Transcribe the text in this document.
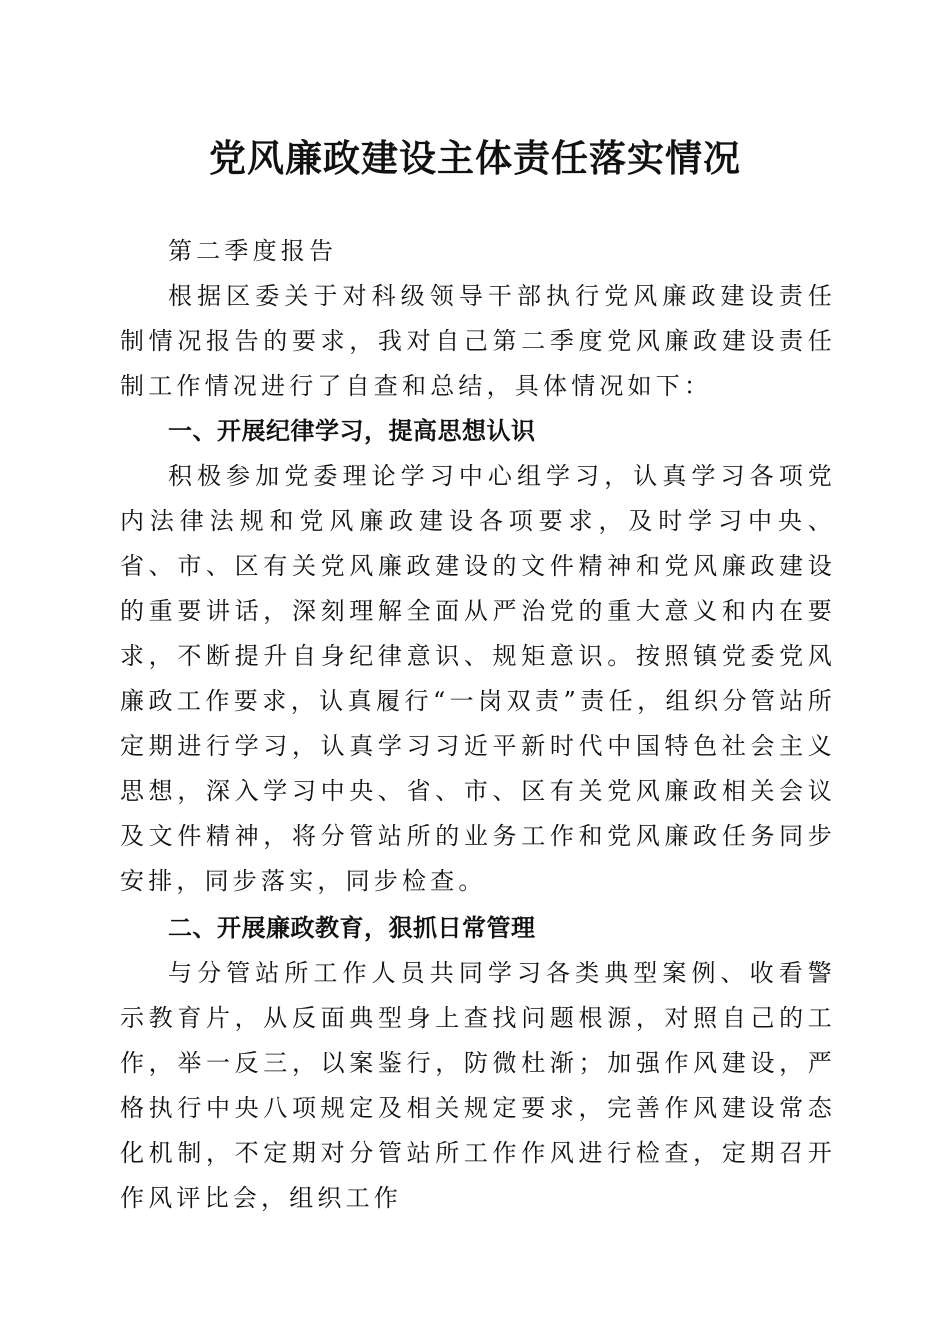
党风廉政建设主体责任落实情况

第二季度报告

根据区委关于对科级领导干部执行党风廉政建设责任制情况报告的要求，我对自己第二季度党风廉政建设责任制工作情况进行了自查和总结，具体情况如下：

一、开展纪律学习，提高思想认识

积极参加党委理论学习中心组学习，认真学习各项党内法律法规和党风廉政建设各项要求，及时学习中央、省、市、区有关党风廉政建设的文件精神和党风廉政建设的重要讲话，深刻理解全面从严治党的重大意义和内在要求，不断提升自身纪律意识、规矩意识。按照镇党委党风廉政工作要求，认真履行“一岗双责”责任，组织分管站所定期进行学习，认真学习习近平新时代中国特色社会主义思想，深入学习中央、省、市、区有关党风廉政相关会议及文件精神，将分管站所的业务工作和党风廉政任务同步安排，同步落实，同步检查。

二、开展廉政教育，狠抓日常管理

与分管站所工作人员共同学习各类典型案例、收看警示教育片，从反面典型身上查找问题根源，对照自己的工作，举一反三，以案鉴行，防微杜渐；加强作风建设，严格执行中央八项规定及相关规定要求，完善作风建设常态化机制，不定期对分管站所工作作风进行检查，定期召开作风评比会，组织工作
